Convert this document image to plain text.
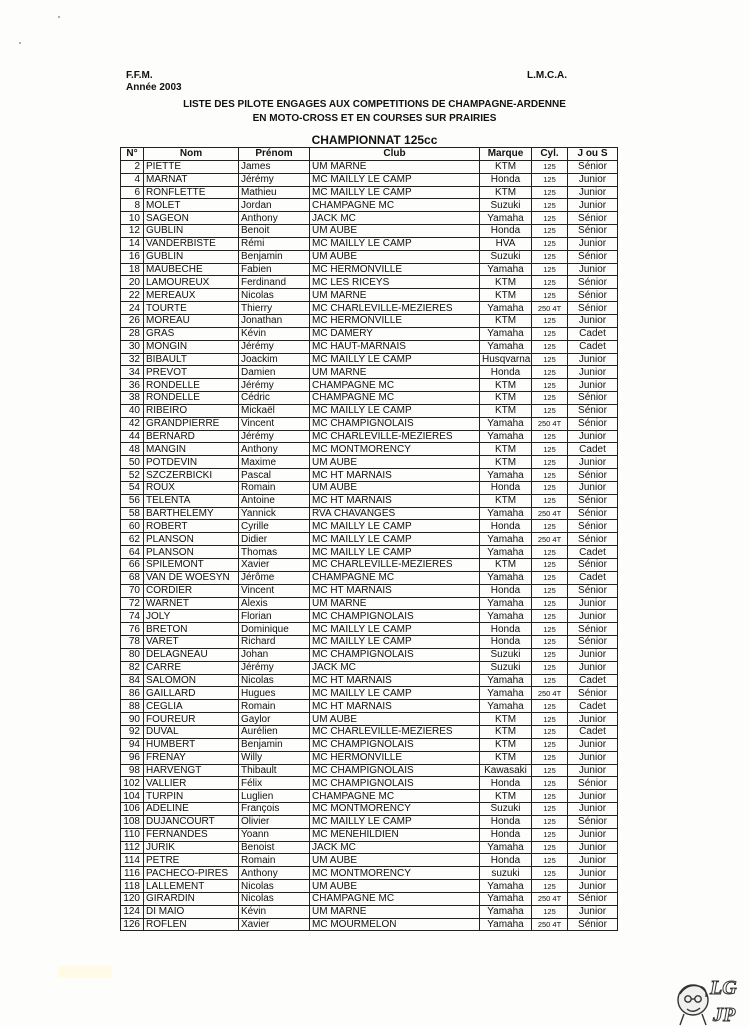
F.F.M.
Année 2003
L.M.C.A.
LISTE DES PILOTE ENGAGES AUX COMPETITIONS DE CHAMPAGNE-ARDENNE
EN MOTO-CROSS ET EN COURSES SUR PRAIRIES
CHAMPIONNAT 125cc
N°	Nom	Prénom	Club	Marque	Cyl.	J ou S
2	PIETTE	James	UM MARNE	KTM	125	Sénior
4	MARNAT	Jérémy	MC MAILLY LE CAMP	Honda	125	Junior
6	RONFLETTE	Mathieu	MC MAILLY LE CAMP	KTM	125	Junior
8	MOLET	Jordan	CHAMPAGNE MC	Suzuki	125	Junior
10	SAGEON	Anthony	JACK MC	Yamaha	125	Sénior
12	GUBLIN	Benoit	UM AUBE	Honda	125	Sénior
14	VANDERBISTE	Rémi	MC MAILLY LE CAMP	HVA	125	Junior
16	GUBLIN	Benjamin	UM AUBE	Suzuki	125	Sénior
18	MAUBECHE	Fabien	MC HERMONVILLE	Yamaha	125	Junior
20	LAMOUREUX	Ferdinand	MC LES RICEYS	KTM	125	Sénior
22	MEREAUX	Nicolas	UM MARNE	KTM	125	Sénior
24	TOURTE	Thierry	MC CHARLEVILLE-MEZIERES	Yamaha	250 4T	Sénior
26	MOREAU	Jonathan	MC HERMONVILLE	KTM	125	Junior
28	GRAS	Kévin	MC DAMERY	Yamaha	125	Cadet
30	MONGIN	Jérémy	MC HAUT-MARNAIS	Yamaha	125	Cadet
32	BIBAULT	Joackim	MC MAILLY LE CAMP	Husqvarna	125	Junior
34	PREVOT	Damien	UM MARNE	Honda	125	Junior
36	RONDELLE	Jérémy	CHAMPAGNE MC	KTM	125	Junior
38	RONDELLE	Cédric	CHAMPAGNE MC	KTM	125	Sénior
40	RIBEIRO	Mickaël	MC MAILLY LE CAMP	KTM	125	Sénior
42	GRANDPIERRE	Vincent	MC CHAMPIGNOLAIS	Yamaha	250 4T	Sénior
44	BERNARD	Jérémy	MC CHARLEVILLE-MEZIERES	Yamaha	125	Junior
48	MANGIN	Anthony	MC MONTMORENCY	KTM	125	Cadet
50	POTDEVIN	Maxime	UM AUBE	KTM	125	Junior
52	SZCZERBICKI	Pascal	MC HT MARNAIS	Yamaha	125	Sénior
54	ROUX	Romain	UM AUBE	Honda	125	Junior
56	TELENTA	Antoine	MC HT MARNAIS	KTM	125	Sénior
58	BARTHELEMY	Yannick	RVA CHAVANGES	Yamaha	250 4T	Sénior
60	ROBERT	Cyrille	MC MAILLY LE CAMP	Honda	125	Sénior
62	PLANSON	Didier	MC MAILLY LE CAMP	Yamaha	250 4T	Sénior
64	PLANSON	Thomas	MC MAILLY LE CAMP	Yamaha	125	Cadet
66	SPILEMONT	Xavier	MC CHARLEVILLE-MEZIERES	KTM	125	Sénior
68	VAN DE WOESYN	Jérôme	CHAMPAGNE MC	Yamaha	125	Cadet
70	CORDIER	Vincent	MC HT MARNAIS	Honda	125	Sénior
72	WARNET	Alexis	UM MARNE	Yamaha	125	Junior
74	JOLY	Florian	MC CHAMPIGNOLAIS	Yamaha	125	Junior
76	BRETON	Dominique	MC MAILLY LE CAMP	Honda	125	Sénior
78	VARET	Richard	MC MAILLY LE CAMP	Honda	125	Sénior
80	DELAGNEAU	Johan	MC CHAMPIGNOLAIS	Suzuki	125	Junior
82	CARRE	Jérémy	JACK MC	Suzuki	125	Junior
84	SALOMON	Nicolas	MC HT MARNAIS	Yamaha	125	Cadet
86	GAILLARD	Hugues	MC MAILLY LE CAMP	Yamaha	250 4T	Sénior
88	CEGLIA	Romain	MC HT MARNAIS	Yamaha	125	Cadet
90	FOUREUR	Gaylor	UM AUBE	KTM	125	Junior
92	DUVAL	Aurélien	MC CHARLEVILLE-MEZIERES	KTM	125	Cadet
94	HUMBERT	Benjamin	MC CHAMPIGNOLAIS	KTM	125	Junior
96	FRENAY	Willy	MC HERMONVILLE	KTM	125	Junior
98	HARVENGT	Thibault	MC CHAMPIGNOLAIS	Kawasaki	125	Junior
102	VALLIER	Félix	MC CHAMPIGNOLAIS	Honda	125	Sénior
104	TURPIN	Luglien	CHAMPAGNE MC	KTM	125	Junior
106	ADELINE	François	MC MONTMORENCY	Suzuki	125	Junior
108	DUJANCOURT	Olivier	MC MAILLY LE CAMP	Honda	125	Sénior
110	FERNANDES	Yoann	MC MENEHILDIEN	Honda	125	Junior
112	JURIK	Benoist	JACK MC	Yamaha	125	Junior
114	PETRE	Romain	UM AUBE	Honda	125	Junior
116	PACHECO-PIRES	Anthony	MC MONTMORENCY	suzuki	125	Junior
118	LALLEMENT	Nicolas	UM AUBE	Yamaha	125	Junior
120	GIRARDIN	Nicolas	CHAMPAGNE MC	Yamaha	250 4T	Sénior
124	DI MAIO	Kévin	UM MARNE	Yamaha	125	Junior
126	ROFLEN	Xavier	MC MOURMELON	Yamaha	250 4T	Sénior
LG
JP
